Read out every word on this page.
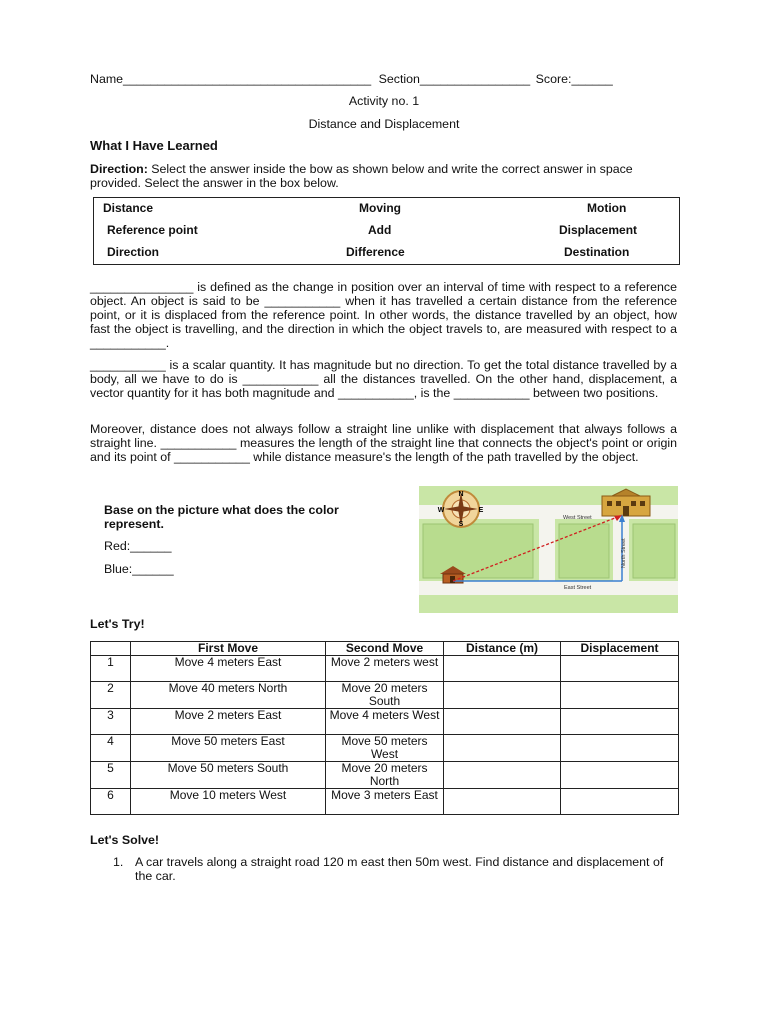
Name____________________________________ Section________________ Score:______
Activity no. 1
Distance and Displacement
What I Have Learned
Direction: Select the answer inside the bow as shown below and write the correct answer in space provided. Select the answer in the box below.
Distance	Moving	Motion
Reference point	Add	Displacement
Direction	Difference	Destination
_______________ is defined as the change in position over an interval of time with respect to a reference object. An object is said to be ___________ when it has travelled a certain distance from the reference point, or it is displaced from the reference point. In other words, the distance travelled by an object, how fast the object is travelling, and the direction in which the object travels to, are measured with respect to a ___________.
___________ is a scalar quantity. It has magnitude but no direction. To get the total distance travelled by a body, all we have to do is ___________ all the distances travelled. On the other hand, displacement, a vector quantity for it has both magnitude and ___________, is the ___________ between two positions.
Moreover, distance does not always follow a straight line unlike with displacement that always follows a straight line. ___________ measures the length of the straight line that connects the object's point or origin and its point of ___________ while distance measure's the length of the path travelled by the object.
Base on the picture what does the color represent.
Red:______
Blue:______
N
W	E
S
West Street
East Street
North Street
Let's Try!
	First Move	Second Move	Distance (m)	Displacement
1	Move 4 meters East	Move 2 meters west		
2	Move 40 meters North	Move 20 meters South		
3	Move 2 meters East	Move 4 meters West		
4	Move 50 meters East	Move 50 meters West		
5	Move 50 meters South	Move 20 meters North		
6	Move 10 meters West	Move 3 meters East		
Let's Solve!
1. A car travels along a straight road 120 m east then 50m west. Find distance and displacement of the car.
